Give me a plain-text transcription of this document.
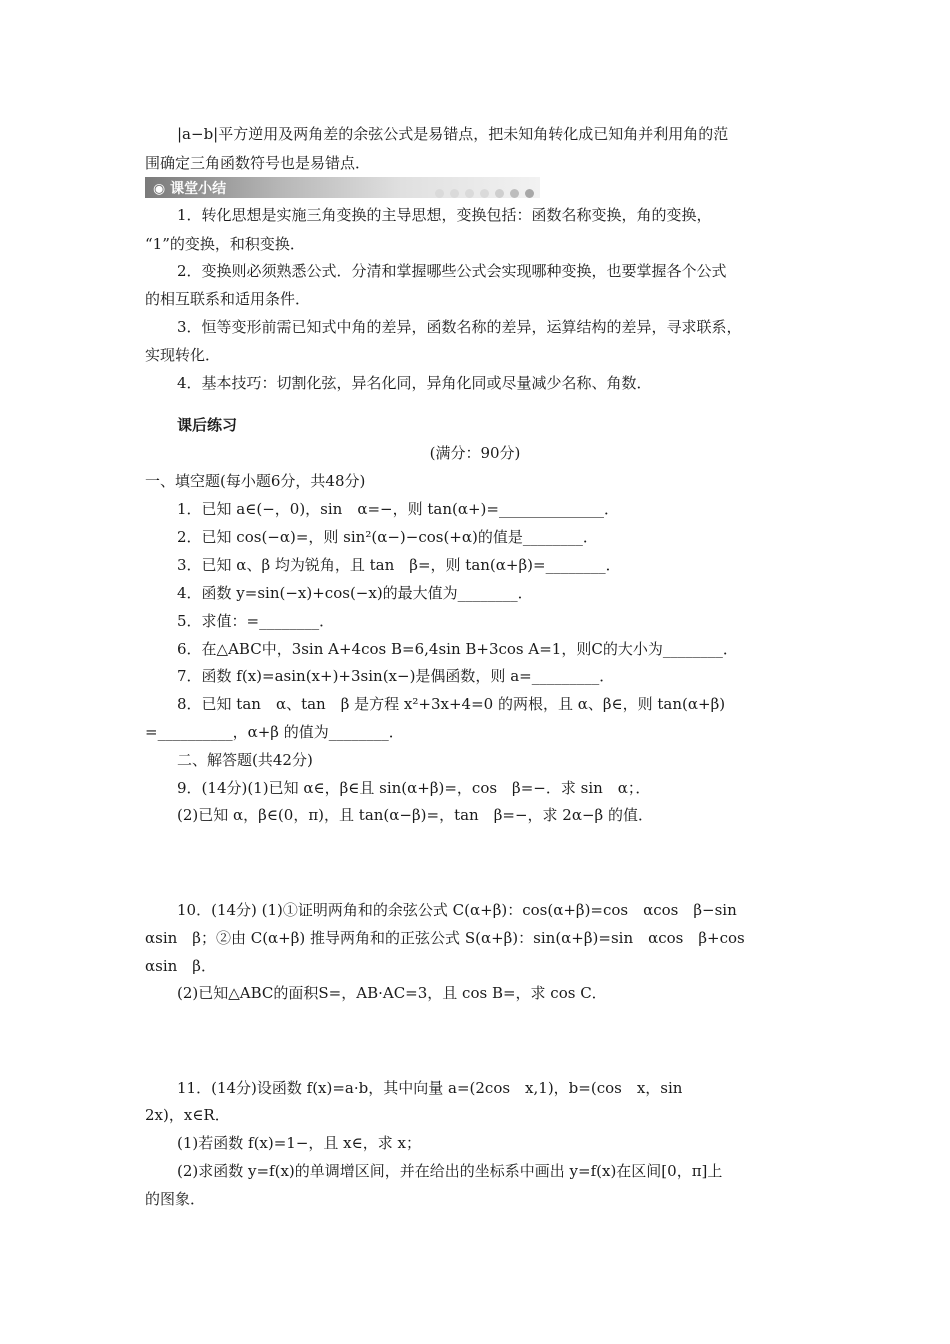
◉ 课堂小结
|a−b|平方逆用及两角差的余弦公式是易错点，把未知角转化成已知角并利用角的范
围确定三角函数符号也是易错点．
1．转化思想是实施三角变换的主导思想，变换包括：函数名称变换，角的变换，
“1”的变换，和积变换．
2．变换则必须熟悉公式．分清和掌握哪些公式会实现哪种变换，也要掌握各个公式
的相互联系和适用条件．
3．恒等变形前需已知式中角的差异，函数名称的差异，运算结构的差异，寻求联系，
实现转化．
4．基本技巧：切割化弦，异名化同，异角化同或尽量减少名称、角数．
课后练习
(满分：90分)
一、填空题(每小题6分，共48分)
1．已知 a∈(−，0)，sin　α=−，则 tan(α+)=______________．
2．已知 cos(−α)=，则 sin²(α−)−cos(+α)的值是________．
3．已知 α、β 均为锐角，且 tan　β=，则 tan(α+β)=________．
4．函数 y=sin(−x)+cos(−x)的最大值为________．
5．求值：=________．
6．在△ABC中，3sin A+4cos B=6,4sin B+3cos A=1，则C的大小为________．
7．函数 f(x)=asin(x+)+3sin(x−)是偶函数，则 a=_________．
8．已知 tan　α、tan　β 是方程 x²+3x+4=0 的两根，且 α、β∈，则 tan(α+β)
=__________，α+β 的值为________．
二、解答题(共42分)
9．(14分)(1)已知 α∈，β∈且 sin(α+β)=，cos　β=−．求 sin　α；．
(2)已知 α，β∈(0，π)，且 tan(α−β)=，tan　β=−，求 2α−β 的值．
10．(14分) (1)①证明两角和的余弦公式 C(α+β)：cos(α+β)=cos　αcos　β−sin
αsin　β；②由 C(α+β) 推导两角和的正弦公式 S(α+β)：sin(α+β)=sin　αcos　β+cos
αsin　β．
(2)已知△ABC的面积S=，AB·AC=3，且 cos B=，求 cos C．
11．(14分)设函数 f(x)=a·b，其中向量 a=(2cos　x,1)，b=(cos　x，sin
2x)，x∈R．
(1)若函数 f(x)=1−，且 x∈，求 x；
(2)求函数 y=f(x)的单调增区间，并在给出的坐标系中画出 y=f(x)在区间[0，π]上
的图象．
